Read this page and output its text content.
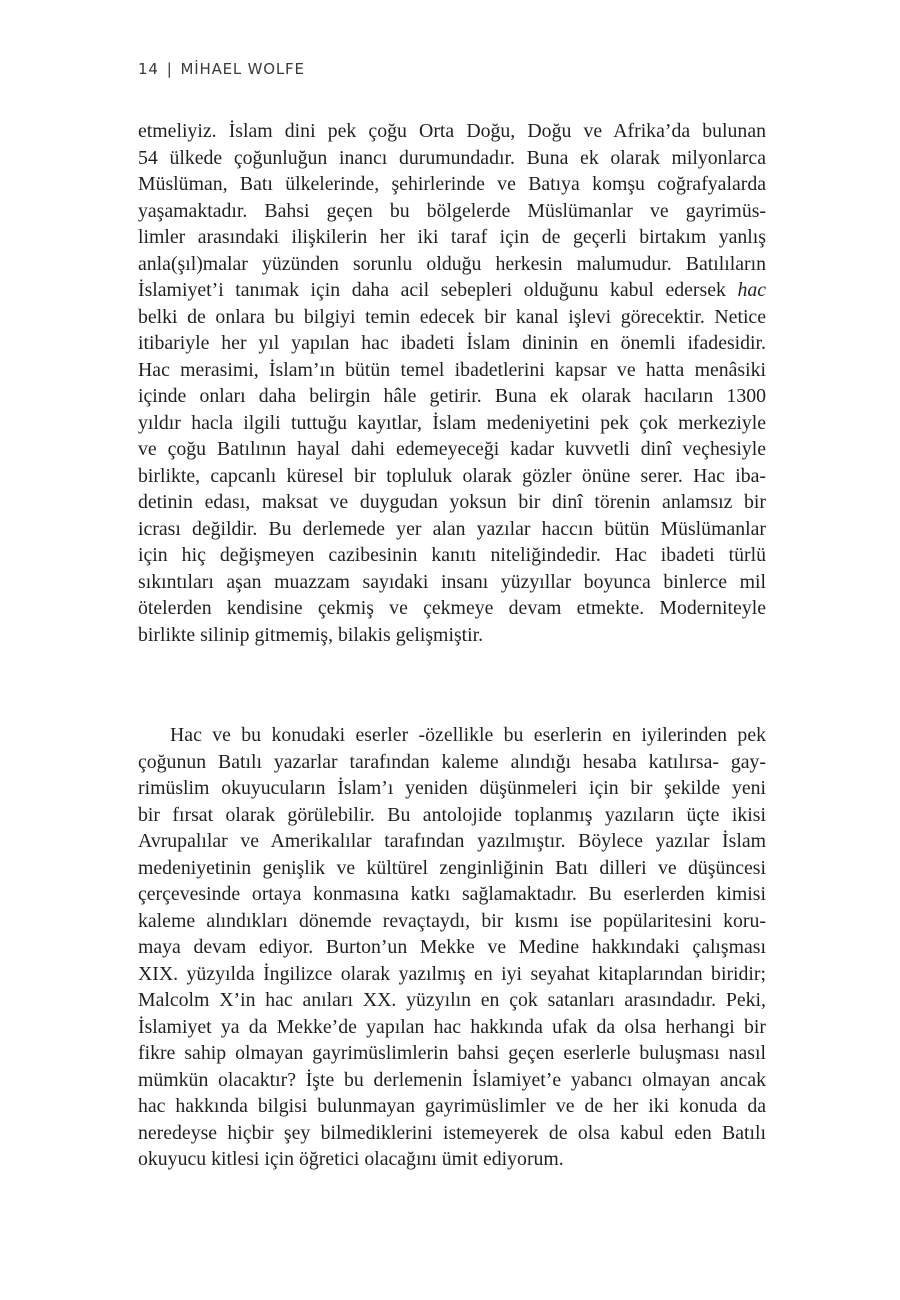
14 | MİHAEL WOLFE
etmeliyiz. İslam dini pek çoğu Orta Doğu, Doğu ve Afrika’da bulunan
54 ülkede çoğunluğun inancı durumundadır. Buna ek olarak milyonlarca
Müslüman, Batı ülkelerinde, şehirlerinde ve Batıya komşu coğrafyalarda
yaşamaktadır. Bahsi geçen bu bölgelerde Müslümanlar ve gayrimüs-
limler arasındaki ilişkilerin her iki taraf için de geçerli birtakım yanlış
anla(şıl)malar yüzünden sorunlu olduğu herkesin malumudur. Batılıların
İslamiyet’i tanımak için daha acil sebepleri olduğunu kabul edersek hac
belki de onlara bu bilgiyi temin edecek bir kanal işlevi görecektir. Netice
itibariyle her yıl yapılan hac ibadeti İslam dininin en önemli ifadesidir.
Hac merasimi, İslam’ın bütün temel ibadetlerini kapsar ve hatta menâsiki
içinde onları daha belirgin hâle getirir. Buna ek olarak hacıların 1300
yıldır hacla ilgili tuttuğu kayıtlar, İslam medeniyetini pek çok merkeziyle
ve çoğu Batılının hayal dahi edemeyeceği kadar kuvvetli dinî veçhesiyle
birlikte, capcanlı küresel bir topluluk olarak gözler önüne serer. Hac iba-
detinin edası, maksat ve duygudan yoksun bir dinî törenin anlamsız bir
icrası değildir. Bu derlemede yer alan yazılar haccın bütün Müslümanlar
için hiç değişmeyen cazibesinin kanıtı niteliğindedir. Hac ibadeti türlü
sıkıntıları aşan muazzam sayıdaki insanı yüzyıllar boyunca binlerce mil
ötelerden kendisine çekmiş ve çekmeye devam etmekte. Moderniteyle
birlikte silinip gitmemiş, bilakis gelişmiştir.
Hac ve bu konudaki eserler -özellikle bu eserlerin en iyilerinden pek
çoğunun Batılı yazarlar tarafından kaleme alındığı hesaba katılırsa- gay-
rimüslim okuyucuların İslam’ı yeniden düşünmeleri için bir şekilde yeni
bir fırsat olarak görülebilir. Bu antolojide toplanmış yazıların üçte ikisi
Avrupalılar ve Amerikalılar tarafından yazılmıştır. Böylece yazılar İslam
medeniyetinin genişlik ve kültürel zenginliğinin Batı dilleri ve düşüncesi
çerçevesinde ortaya konmasına katkı sağlamaktadır. Bu eserlerden kimisi
kaleme alındıkları dönemde revaçtaydı, bir kısmı ise popülaritesini koru-
maya devam ediyor. Burton’un Mekke ve Medine hakkındaki çalışması
XIX. yüzyılda İngilizce olarak yazılmış en iyi seyahat kitaplarından biridir;
Malcolm X’in hac anıları XX. yüzyılın en çok satanları arasındadır. Peki,
İslamiyet ya da Mekke’de yapılan hac hakkında ufak da olsa herhangi bir
fikre sahip olmayan gayrimüslimlerin bahsi geçen eserlerle buluşması nasıl
mümkün olacaktır? İşte bu derlemenin İslamiyet’e yabancı olmayan ancak
hac hakkında bilgisi bulunmayan gayrimüslimler ve de her iki konuda da
neredeyse hiçbir şey bilmediklerini istemeyerek de olsa kabul eden Batılı
okuyucu kitlesi için öğretici olacağını ümit ediyorum.
